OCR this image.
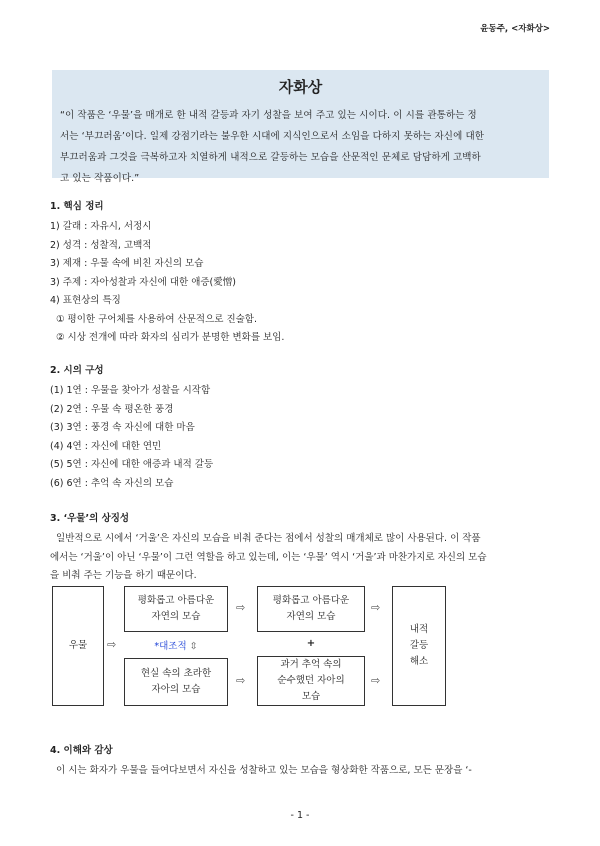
윤동주, <자화상>
자화상

“이 작품은 ‘우물’을 매개로 한 내적 갈등과 자기 성찰을 보여 주고 있는 시이다. 이 시를 관통하는 정
서는 ‘부끄러움’이다. 일제 강점기라는 불우한 시대에 지식인으로서 소임을 다하지 못하는 자신에 대한
부끄러움과 그것을 극복하고자 치열하게 내적으로 갈등하는 모습을 산문적인 문체로 담담하게 고백하
고 있는 작품이다.”

1. 핵심 정리
1) 갈래 : 자유시, 서정시
2) 성격 : 성찰적, 고백적
3) 제재 : 우물 속에 비친 자신의 모습
3) 주제 : 자아성찰과 자신에 대한 애증(愛憎)
4) 표현상의 특징
① 평이한 구어체를 사용하여 산문적으로 진술함.
② 시상 전개에 따라 화자의 심리가 분명한 변화를 보임.
2. 시의 구성
(1) 1연 : 우물을 찾아가 성찰을 시작함
(2) 2연 : 우물 속 평온한 풍경
(3) 3연 : 풍경 속 자신에 대한 마음
(4) 4연 : 자신에 대한 연민
(5) 5연 : 자신에 대한 애증과 내적 갈등
(6) 6연 : 추억 속 자신의 모습
3. ‘우물’의 상징성
일반적으로 시에서 ‘거울’은 자신의 모습을 비춰 준다는 점에서 성찰의 매개체로 많이 사용된다. 이 작품
에서는 ‘거울’이 아닌 ‘우물’이 그런 역할을 하고 있는데, 이는 ‘우물’ 역시 ‘거울’과 마찬가지로 자신의 모습
을 비춰 주는 기능을 하기 때문이다.
우물 ⇨
평화롭고 아름다운
자연의 모습
⇨
평화롭고 아름다운
자연의 모습
⇨
*대조적 ⇳	+
현실 속의 초라한
자아의 모습
⇨
과거 추억 속의
순수했던 자아의
모습
⇨
내적
갈등
해소
4. 이해와 감상
이 시는 화자가 우물을 들여다보면서 자신을 성찰하고 있는 모습을 형상화한 작품으로, 모든 문장을 ‘-
- 1 -
